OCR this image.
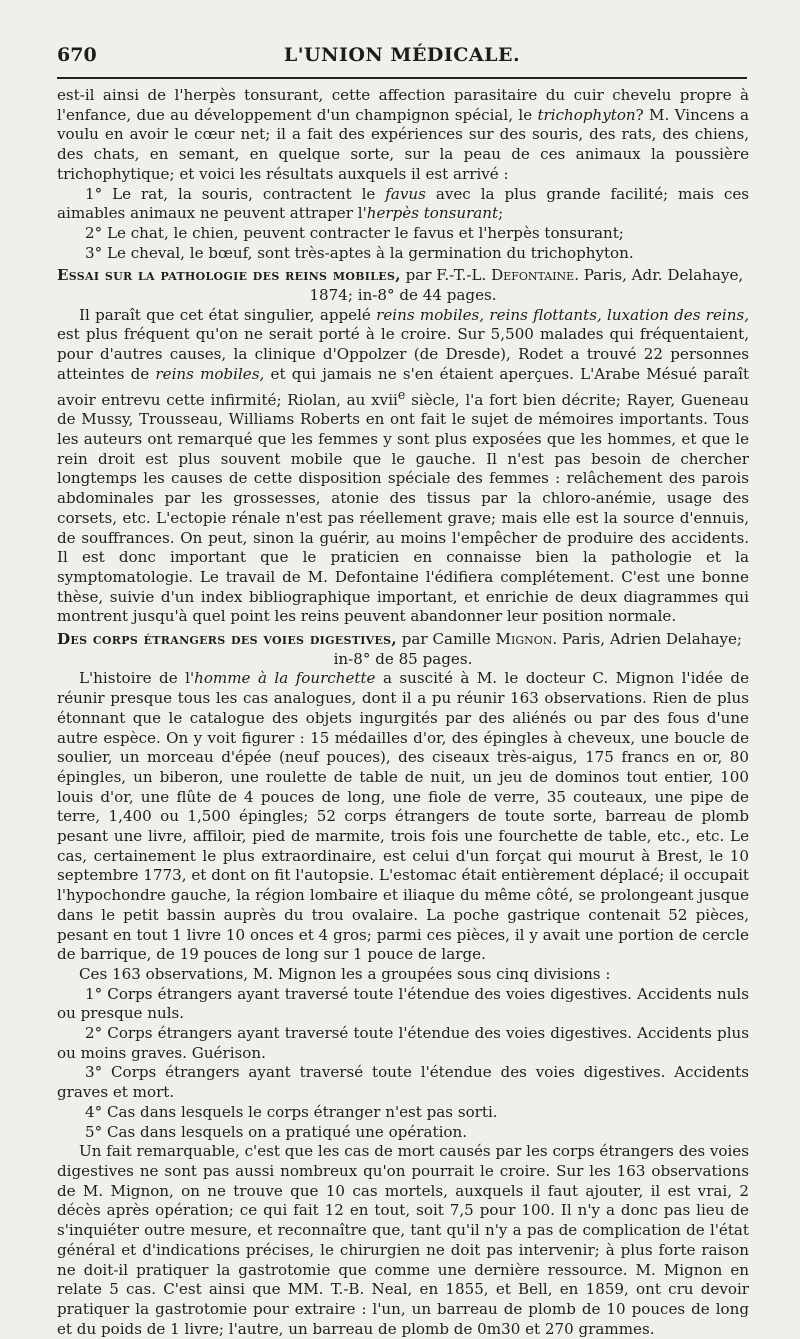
670	L'UNION MÉDICALE.

est-il ainsi de l'herpès tonsurant, cette affection parasitaire du cuir chevelu propre à l'enfance, due au développement d'un champignon spécial, le trichophyton? M. Vincens a voulu en avoir le cœur net; il a fait des expériences sur des souris, des rats, des chiens, des chats, en semant, en quelque sorte, sur la peau de ces animaux la poussière trichophytique; et voici les résultats auxquels il est arrivé :

1° Le rat, la souris, contractent le favus avec la plus grande facilité; mais ces aimables animaux ne peuvent attraper l'herpès tonsurant;

2° Le chat, le chien, peuvent contracter le favus et l'herpès tonsurant;

3° Le cheval, le bœuf, sont très-aptes à la germination du trichophyton.

Essai sur la pathologie des reins mobiles, par F.-T.-L. Defontaine. Paris, Adr. Delahaye,

1874; in-8° de 44 pages.

Il paraît que cet état singulier, appelé reins mobiles, reins flottants, luxation des reins, est plus fréquent qu'on ne serait porté à le croire. Sur 5,500 malades qui fréquentaient, pour d'autres causes, la clinique d'Oppolzer (de Dresde), Rodet a trouvé 22 personnes atteintes de reins mobiles, et qui jamais ne s'en étaient aperçues. L'Arabe Mésué paraît avoir entrevu cette infirmité; Riolan, au xvii$^e$ siècle, l'a fort bien décrite; Rayer, Gueneau de Mussy, Trousseau, Williams Roberts en ont fait le sujet de mémoires importants. Tous les auteurs ont remarqué que les femmes y sont plus exposées que les hommes, et que le rein droit est plus souvent mobile que le gauche. Il n'est pas besoin de chercher longtemps les causes de cette disposition spéciale des femmes : relâchement des parois abdominales par les grossesses, atonie des tissus par la chloro-anémie, usage des corsets, etc. L'ectopie rénale n'est pas réellement grave; mais elle est la source d'ennuis, de souffrances. On peut, sinon la guérir, au moins l'empêcher de produire des accidents. Il est donc important que le praticien en connaisse bien la pathologie et la symptomatologie. Le travail de M. Defontaine l'édifiera complétement. C'est une bonne thèse, suivie d'un index bibliographique important, et enrichie de deux diagrammes qui montrent jusqu'à quel point les reins peuvent abandonner leur position normale.

Des corps étrangers des voies digestives, par Camille Mignon. Paris, Adrien Delahaye;

in-8° de 85 pages.

L'histoire de l'homme à la fourchette a suscité à M. le docteur C. Mignon l'idée de réunir presque tous les cas analogues, dont il a pu réunir 163 observations. Rien de plus étonnant que le catalogue des objets ingurgités par des aliénés ou par des fous d'une autre espèce. On y voit figurer : 15 médailles d'or, des épingles à cheveux, une boucle de soulier, un morceau d'épée (neuf pouces), des ciseaux très-aigus, 175 francs en or, 80 épingles, un biberon, une roulette de table de nuit, un jeu de dominos tout entier, 100 louis d'or, une flûte de 4 pouces de long, une fiole de verre, 35 couteaux, une pipe de terre, 1,400 ou 1,500 épingles; 52 corps étrangers de toute sorte, barreau de plomb pesant une livre, affiloir, pied de marmite, trois fois une fourchette de table, etc., etc. Le cas, certainement le plus extraordinaire, est celui d'un forçat qui mourut à Brest, le 10 septembre 1773, et dont on fit l'autopsie. L'estomac était entièrement déplacé; il occupait l'hypochondre gauche, la région lombaire et iliaque du même côté, se prolongeant jusque dans le petit bassin auprès du trou ovalaire. La poche gastrique contenait 52 pièces, pesant en tout 1 livre 10 onces et 4 gros; parmi ces pièces, il y avait une portion de cercle de barrique, de 19 pouces de long sur 1 pouce de large.

Ces 163 observations, M. Mignon les a groupées sous cinq divisions :

1° Corps étrangers ayant traversé toute l'étendue des voies digestives. Accidents nuls ou presque nuls.

2° Corps étrangers ayant traversé toute l'étendue des voies digestives. Accidents plus ou moins graves. Guérison.

3° Corps étrangers ayant traversé toute l'étendue des voies digestives. Accidents graves et mort.

4° Cas dans lesquels le corps étranger n'est pas sorti.

5° Cas dans lesquels on a pratiqué une opération.

Un fait remarquable, c'est que les cas de mort causés par les corps étrangers des voies digestives ne sont pas aussi nombreux qu'on pourrait le croire. Sur les 163 observations de M. Mignon, on ne trouve que 10 cas mortels, auxquels il faut ajouter, il est vrai, 2 décès après opération; ce qui fait 12 en tout, soit 7,5 pour 100. Il n'y a donc pas lieu de s'inquiéter outre mesure, et reconnaître que, tant qu'il n'y a pas de complication de l'état général et d'indications précises, le chirurgien ne doit pas intervenir; à plus forte raison ne doit-il pratiquer la gastrotomie que comme une dernière ressource. M. Mignon en relate 5 cas. C'est ainsi que MM. T.-B. Neal, en 1855, et Bell, en 1859, ont cru devoir pratiquer la gastrotomie pour extraire : l'un, un barreau de plomb de 10 pouces de long et du poids de 1 livre; l'autre, un barreau de plomb de 0m30 et 270 grammes.
